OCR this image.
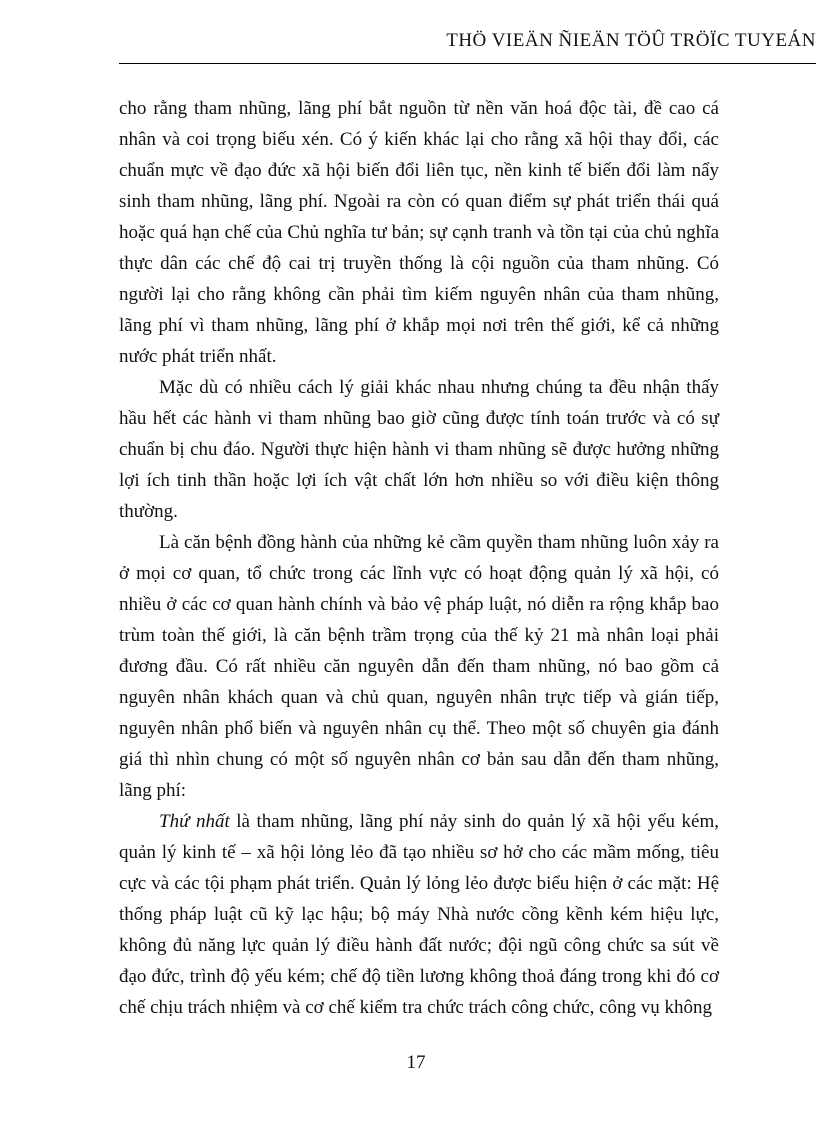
THÖ VIEÄN ÑIEÄN TÖÛ TRÖÏC TUYEÁN

cho rằng tham nhũng, lãng phí bắt nguồn từ nền văn hoá độc tài, đề cao cá nhân và coi trọng biếu xén. Có ý kiến khác lại cho rằng xã hội thay đổi, các chuẩn mực về đạo đức xã hội biến đổi liên tục, nền kinh tế biến đổi làm nẩy sinh tham nhũng, lãng phí. Ngoài ra còn có quan điểm sự phát triển thái quá hoặc quá hạn chế của Chủ nghĩa tư bản; sự cạnh tranh và tồn tại của chủ nghĩa thực dân các chế độ cai trị truyền thống là cội nguồn của tham nhũng. Có người lại cho rằng không cần phải tìm kiếm nguyên nhân của tham nhũng, lãng phí vì tham nhũng, lãng phí ở khắp mọi nơi trên thế giới, kể cả những nước phát triển nhất.

Mặc dù có nhiều cách lý giải khác nhau nhưng chúng ta đều nhận thấy hầu hết các hành vi tham nhũng bao giờ cũng được tính toán trước và có sự chuẩn bị chu đáo. Người thực hiện hành vi tham nhũng sẽ được hưởng những lợi ích tinh thần hoặc lợi ích vật chất lớn hơn nhiều so với điều kiện thông thường.

Là căn bệnh đồng hành của những kẻ cầm quyền tham nhũng luôn xảy ra ở mọi cơ quan, tổ chức trong các lĩnh vực có hoạt động quản lý xã hội, có nhiều ở các cơ quan hành chính và bảo vệ pháp luật, nó diễn ra rộng khắp bao trùm toàn thế giới, là căn bệnh trầm trọng của thế kỷ 21 mà nhân loại phải đương đầu. Có rất nhiều căn nguyên dẫn đến tham nhũng, nó bao gồm cả nguyên nhân khách quan và chủ quan, nguyên nhân trực tiếp và gián tiếp, nguyên nhân phổ biến và nguyên nhân cụ thể. Theo một số chuyên gia đánh giá thì nhìn chung có một số nguyên nhân cơ bản sau dẫn đến tham nhũng, lãng phí:

Thứ nhất là tham nhũng, lãng phí nảy sinh do quản lý xã hội yếu kém, quản lý kinh tế – xã hội lỏng lẻo đã tạo nhiều sơ hở cho các mầm mống, tiêu cực và các tội phạm phát triển. Quản lý lỏng lẻo được biểu hiện ở các mặt: Hệ thống pháp luật cũ kỹ lạc hậu; bộ máy Nhà nước cồng kềnh kém hiệu lực, không đủ năng lực quản lý điều hành đất nước; đội ngũ công chức sa sút về đạo đức, trình độ yếu kém; chế độ tiền lương không thoả đáng trong khi đó cơ chế chịu trách nhiệm và cơ chế kiểm tra chức trách công chức, công vụ không

17
